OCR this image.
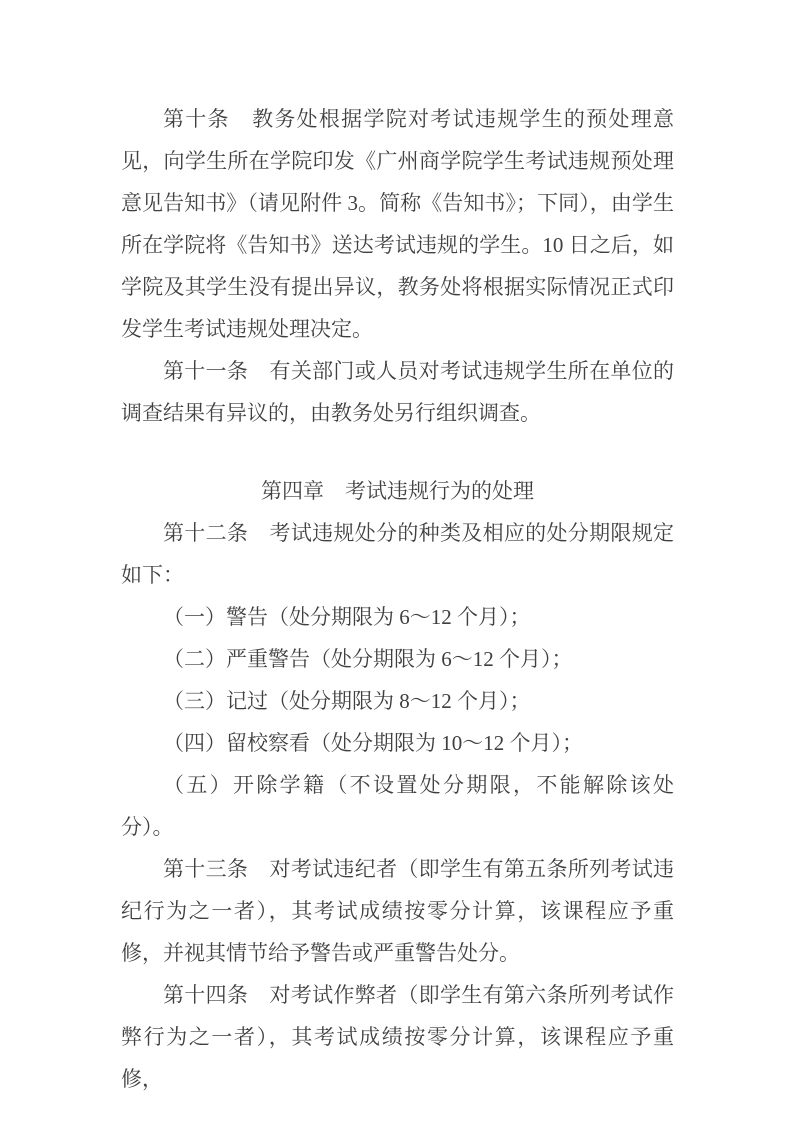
第十条　教务处根据学院对考试违规学生的预处理意见，向学生所在学院印发《广州商学院学生考试违规预处理意见告知书》（请见附件 3。简称《告知书》；下同），由学生所在学院将《告知书》送达考试违规的学生。10 日之后，如学院及其学生没有提出异议，教务处将根据实际情况正式印发学生考试违规处理决定。

第十一条　有关部门或人员对考试违规学生所在单位的调查结果有异议的，由教务处另行组织调查。

第四章　考试违规行为的处理

第十二条　考试违规处分的种类及相应的处分期限规定如下：

（一）警告（处分期限为 6～12 个月）；

（二）严重警告（处分期限为 6～12 个月）；

（三）记过（处分期限为 8～12 个月）；

（四）留校察看（处分期限为 10～12 个月）；

（五）开除学籍（不设置处分期限，不能解除该处分）。

第十三条　对考试违纪者（即学生有第五条所列考试违纪行为之一者），其考试成绩按零分计算，该课程应予重修，并视其情节给予警告或严重警告处分。

第十四条　对考试作弊者（即学生有第六条所列考试作弊行为之一者），其考试成绩按零分计算，该课程应予重修，
